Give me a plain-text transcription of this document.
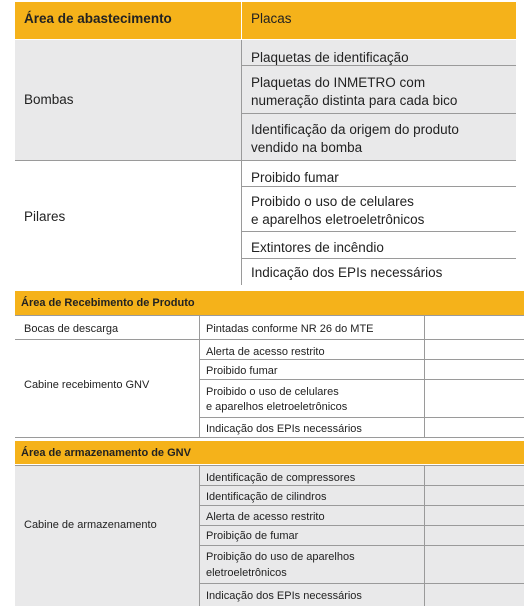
Área de abastecimento	Placas
Bombas
Plaquetas de identificação
Plaquetas do INMETRO com
numeração distinta para cada bico
Identificação da origem do produto
vendido na bomba
Pilares
Proibido fumar
Proibido o uso de celulares
e aparelhos eletroeletrônicos
Extintores de incêndio
Indicação dos EPIs necessários
Área de Recebimento de Produto
Bocas de descarga	Pintadas conforme NR 26 do MTE
Cabine recebimento GNV
Alerta de acesso restrito
Proibido fumar
Proibido o uso de celulares
e aparelhos eletroeletrônicos
Indicação dos EPIs necessários
Área de armazenamento de GNV
Cabine de armazenamento
Identificação de compressores
Identificação de cilindros
Alerta de acesso restrito
Proibição de fumar
Proibição do uso de aparelhos
eletroeletrônicos
Indicação dos EPIs necessários
